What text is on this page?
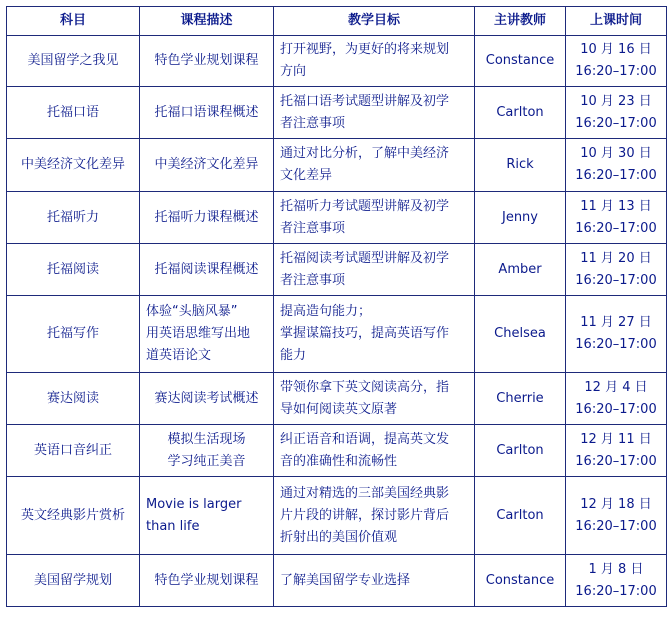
科目	课程描述	教学目标	主讲教师	上课时间
美国留学之我见	特色学业规划课程	打开视野，为更好的将来规划
方向	Constance	10 月 16 日
16:20–17:00

托福口语	托福口语课程概述	托福口语考试题型讲解及初学
者注意事项	Carlton	10 月 23 日
16:20–17:00

中美经济文化差异	中美经济文化差异	通过对比分析，了解中美经济
文化差异	Rick	10 月 30 日
16:20–17:00

托福听力	托福听力课程概述	托福听力考试题型讲解及初学
者注意事项	Jenny	11 月 13 日
16:20–17:00

托福阅读	托福阅读课程概述	托福阅读考试题型讲解及初学
者注意事项	Amber	11 月 20 日
16:20–17:00

托福写作	体验“头脑风暴”
用英语思维写出地
道英语论文	提高造句能力；
掌握谋篇技巧，提高英语写作
能力	Chelsea	11 月 27 日
16:20–17:00

赛达阅读	赛达阅读考试概述	带领你拿下英文阅读高分，指
导如何阅读英文原著	Cherrie	12 月 4 日
16:20–17:00

英语口音纠正	模拟生活现场
学习纯正美音	纠正语音和语调，提高英文发
音的准确性和流畅性	Carlton	12 月 11 日
16:20–17:00

英文经典影片赏析	Movie is larger
than life	通过对精选的三部美国经典影
片片段的讲解，探讨影片背后
折射出的美国价值观	Carlton	12 月 18 日
16:20–17:00

美国留学规划	特色学业规划课程	了解美国留学专业选择	Constance	1 月 8 日
16:20–17:00
